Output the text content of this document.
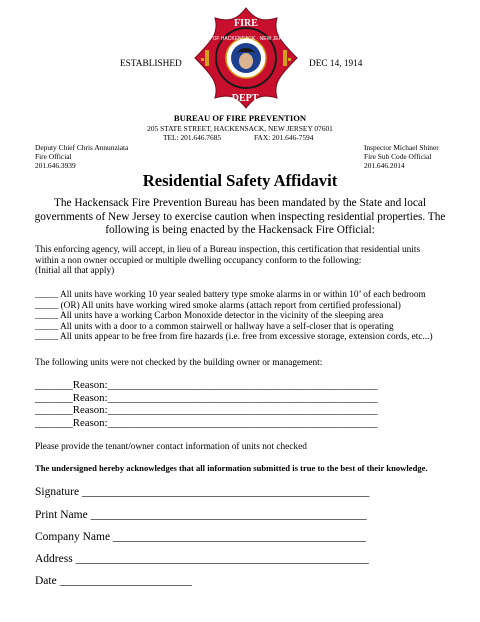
ESTABLISHED	DEC 14, 1914
FIRE
DEPT.
CITY OF HACKENSACK · NEW JERSEY
OR-TAM
BUREAU OF FIRE PREVENTION
205 STATE STREET, HACKENSACK, NEW JERSEY 07601
TEL: 201.646.7685	FAX: 201.646-7594
Deputy Chief Chris Annunziata
Fire Official
201.646.3939
Inspector Michael Shiner
Fire Sub Code Official
201.646.2014
Residential Safety Affidavit
The Hackensack Fire Prevention Bureau has been mandated by the State and local
governments of New Jersey to exercise caution when inspecting residential properties. The
following is being enacted by the Hackensack Fire Official:
This enforcing agency, will accept, in lieu of a Bureau inspection, this certification that residential units
within a non owner occupied or multiple dwelling occupancy conform to the following:
(Initial all that apply)
_____ All units have working 10 year sealed battery type smoke alarms in or within 10’ of each bedroom
_____ (OR) All units have working wired smoke alarms (attach report from certified professional)
_____ All units have a working Carbon Monoxide detector in the vicinity of the sleeping area
_____ All units with a door to a common stairwell or hallway have a self-closer that is operating
_____ All units appear to be free from fire hazards (i.e. free from excessive storage, extension cords, etc...)
The following units were not checked by the building owner or management:
_______Reason:__________________________________________________
_______Reason:__________________________________________________
_______Reason:__________________________________________________
_______Reason:__________________________________________________
Please provide the tenant/owner contact information of units not checked
The undersigned hereby acknowledges that all information submitted is true to the best of their knowledge.
Signature __________________________________________________
Print Name ________________________________________________
Company Name ____________________________________________
Address ___________________________________________________
Date _______________________
